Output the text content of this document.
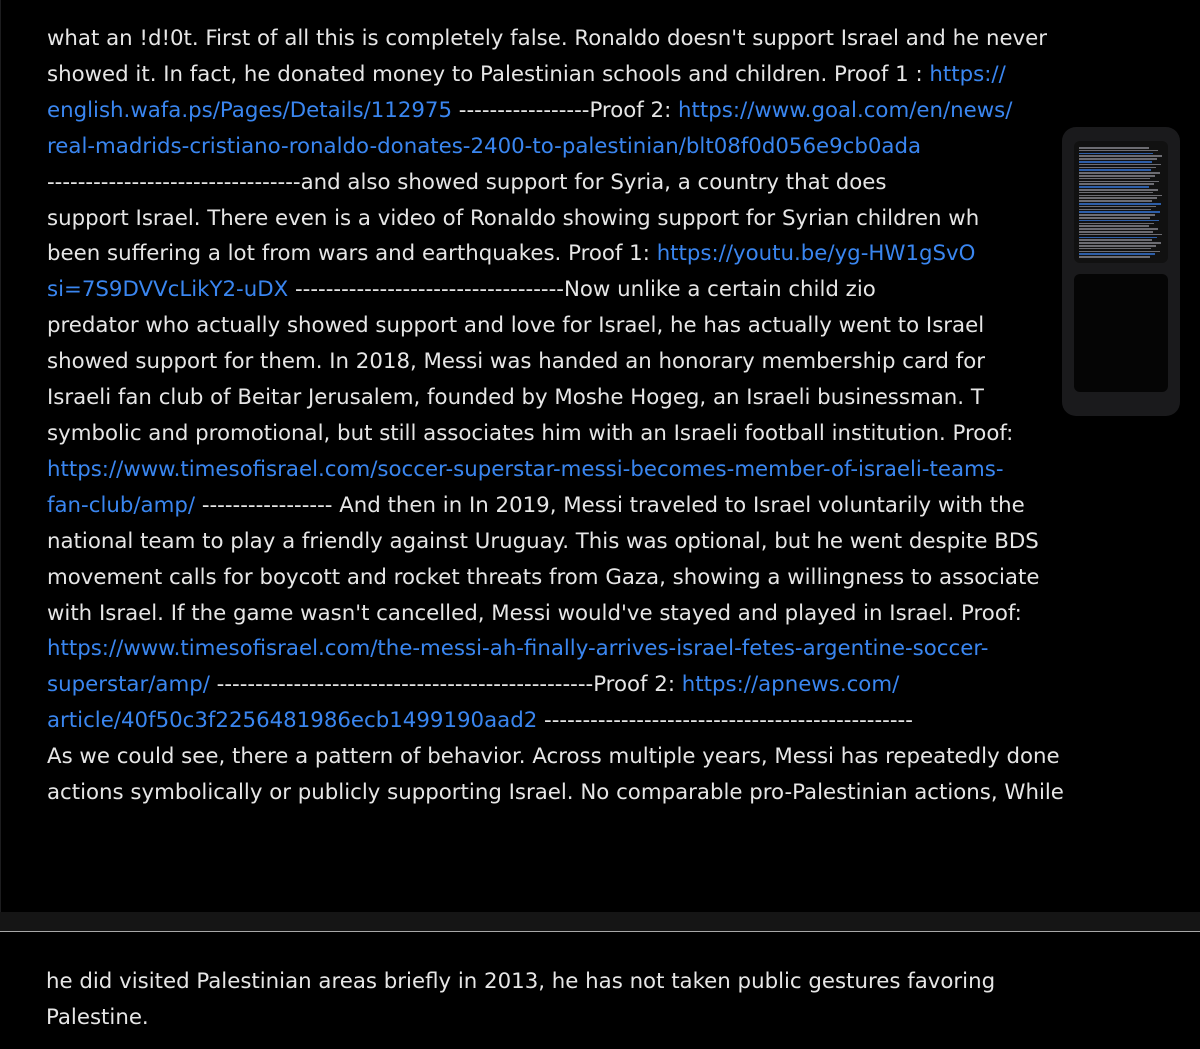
what an !d!0t. First of all this is completely false. Ronaldo doesn't support Israel and he never
showed it. In fact, he donated money to Palestinian schools and children. Proof 1 : https://
english.wafa.ps/Pages/Details/112975 -----------------Proof 2: https://www.goal.com/en/news/
real-madrids-cristiano-ronaldo-donates-2400-to-palestinian/blt08f0d056e9cb0ada
---------------------------------and also showed support for Syria, a country that does
support Israel. There even is a video of Ronaldo showing support for Syrian children wh
been suffering a lot from wars and earthquakes. Proof 1: https://youtu.be/yg-HW1gSvO
si=7S9DVVcLikY2-uDX -----------------------------------Now unlike a certain child zio
predator who actually showed support and love for Israel, he has actually went to Israel
showed support for them. In 2018, Messi was handed an honorary membership card for
Israeli fan club of Beitar Jerusalem, founded by Moshe Hogeg, an Israeli businessman. T
symbolic and promotional, but still associates him with an Israeli football institution. Proof:
https://www.timesofisrael.com/soccer-superstar-messi-becomes-member-of-israeli-teams-
fan-club/amp/ ----------------- And then in In 2019, Messi traveled to Israel voluntarily with the
national team to play a friendly against Uruguay. This was optional, but he went despite BDS
movement calls for boycott and rocket threats from Gaza, showing a willingness to associate
with Israel. If the game wasn't cancelled, Messi would've stayed and played in Israel. Proof:
https://www.timesofisrael.com/the-messi-ah-finally-arrives-israel-fetes-argentine-soccer-
superstar/amp/ -------------------------------------------------Proof 2: https://apnews.com/
article/40f50c3f2256481986ecb1499190aad2 ------------------------------------------------
As we could see, there a pattern of behavior. Across multiple years, Messi has repeatedly done
actions symbolically or publicly supporting Israel. No comparable pro-Palestinian actions, While
he did visited Palestinian areas briefly in 2013, he has not taken public gestures favoring
Palestine.
